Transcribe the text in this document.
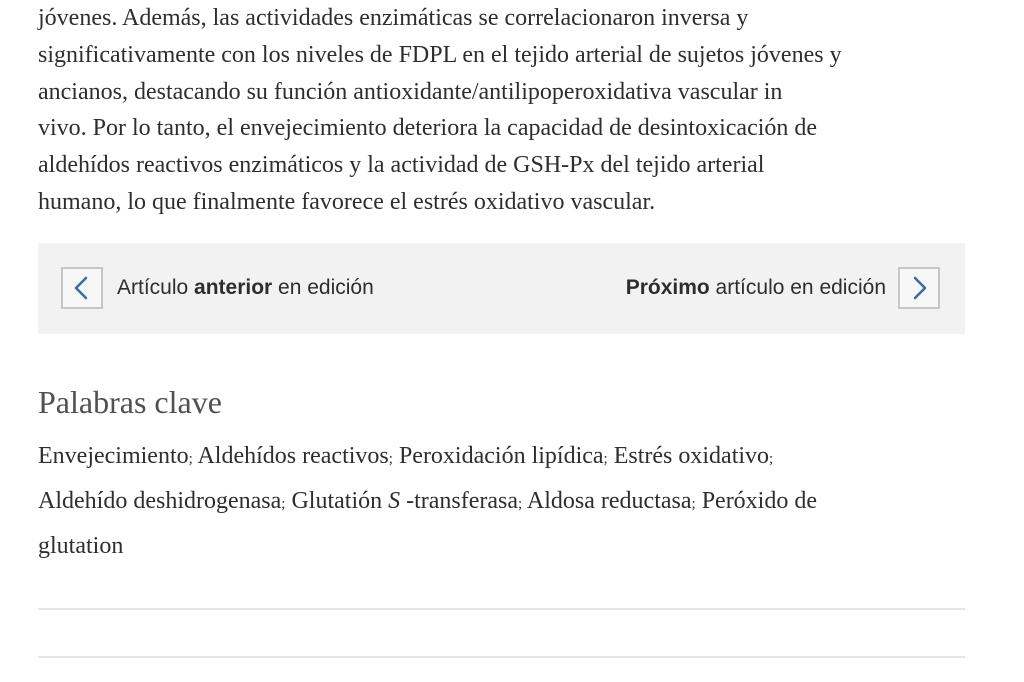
jóvenes. Además, las actividades enzimáticas se correlacionaron inversa y
significativamente con los niveles de FDPL en el tejido arterial de sujetos jóvenes y
ancianos, destacando su función antioxidante/antilipoperoxidativa vascular in
vivo. Por lo tanto, el envejecimiento deteriora la capacidad de desintoxicación de
aldehídos reactivos enzimáticos y la actividad de GSH-Px del tejido arterial
humano, lo que finalmente favorece el estrés oxidativo vascular.
Artículo anterior en edición	Próximo artículo en edición
Palabras clave
Envejecimiento; Aldehídos reactivos; Peroxidación lipídica; Estrés oxidativo;
Aldehído deshidrogenasa; Glutatión S -transferasa; Aldosa reductasa; Peróxido de
glutation
